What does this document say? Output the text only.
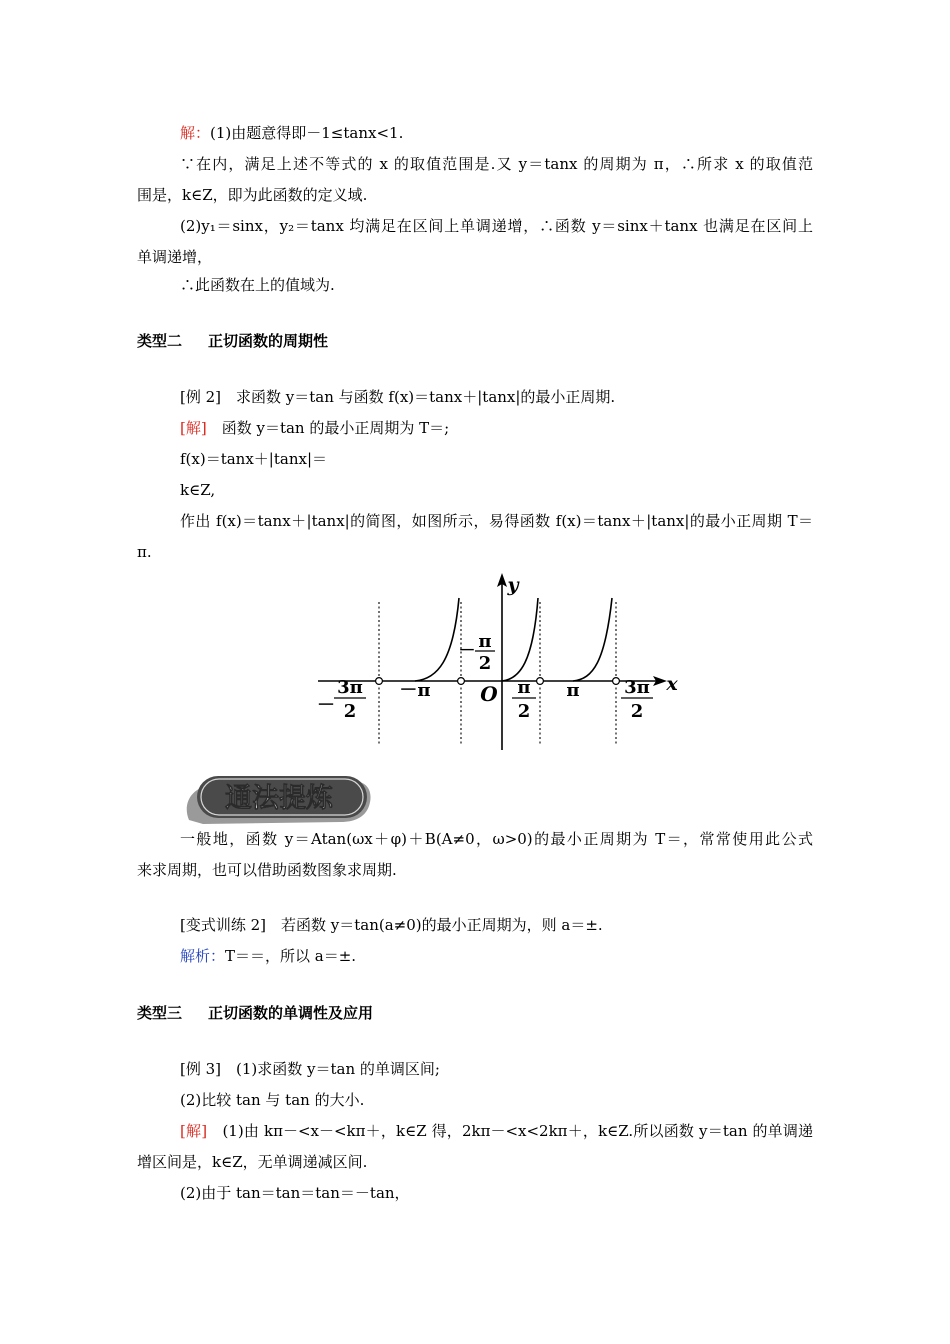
解：(1)由题意得即－1≤tanx<1.
∵在内，满足上述不等式的 x 的取值范围是.又 y＝tanx 的周期为 π，∴所求 x 的取值范
围是，k∈Z，即为此函数的定义域.
(2)y₁＝sinx，y₂＝tanx 均满足在区间上单调递增，∴函数 y＝sinx＋tanx 也满足在区间上
单调递增，
∴此函数在上的值域为.
类型二 正切函数的周期性
[例 2]　求函数 y＝tan 与函数 f(x)＝tanx＋|tanx|的最小正周期.
[解]　函数 y＝tan 的最小正周期为 T＝;
f(x)＝tanx＋|tanx|＝
k∈Z,
作出 f(x)＝tanx＋|tanx|的简图，如图所示，易得函数 f(x)＝tanx＋|tanx|的最小正周期 T＝
π.
y
x
O
－
3π
2
－π
－ π
2
π
2
π 3π
2
通法提炼
一般地，函数 y＝Atan(ωx＋φ)＋B(A≠0，ω>0)的最小正周期为 T＝，常常使用此公式
来求周期，也可以借助函数图象求周期.
[变式训练 2]　若函数 y＝tan(a≠0)的最小正周期为，则 a＝±.
解析：T＝＝，所以 a＝±.
类型三 正切函数的单调性及应用
[例 3]　(1)求函数 y＝tan 的单调区间;
(2)比较 tan 与 tan 的大小.
[解]　(1)由 kπ－<x－<kπ＋，k∈Z 得，2kπ－<x<2kπ＋，k∈Z.所以函数 y＝tan 的单调递
增区间是，k∈Z，无单调递减区间.
(2)由于 tan＝tan＝tan＝－tan，
